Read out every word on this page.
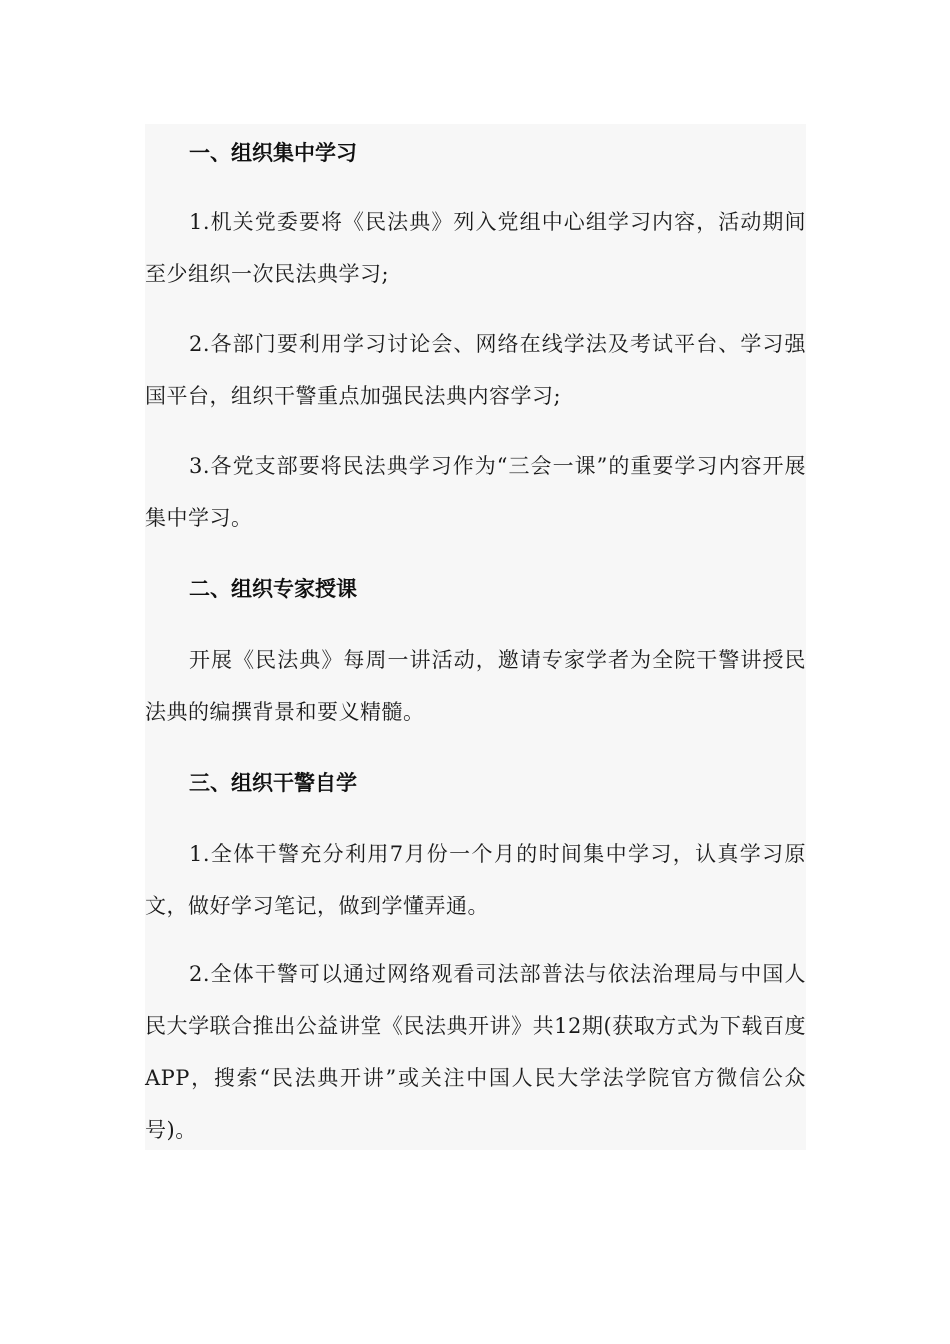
一、组织集中学习
1.机关党委要将《民法典》列入党组中心组学习内容，活动期间至少组织一次民法典学习;
2.各部门要利用学习讨论会、网络在线学法及考试平台、学习强国平台，组织干警重点加强民法典内容学习;
3.各党支部要将民法典学习作为“三会一课”的重要学习内容开展集中学习。
二、组织专家授课
开展《民法典》每周一讲活动，邀请专家学者为全院干警讲授民法典的编撰背景和要义精髓。
三、组织干警自学
1.全体干警充分利用7月份一个月的时间集中学习，认真学习原文，做好学习笔记，做到学懂弄通。
2.全体干警可以通过网络观看司法部普法与依法治理局与中国人民大学联合推出公益讲堂《民法典开讲》共12期(获取方式为下载百度APP，搜索“民法典开讲”或关注中国人民大学法学院官方微信公众号)。
